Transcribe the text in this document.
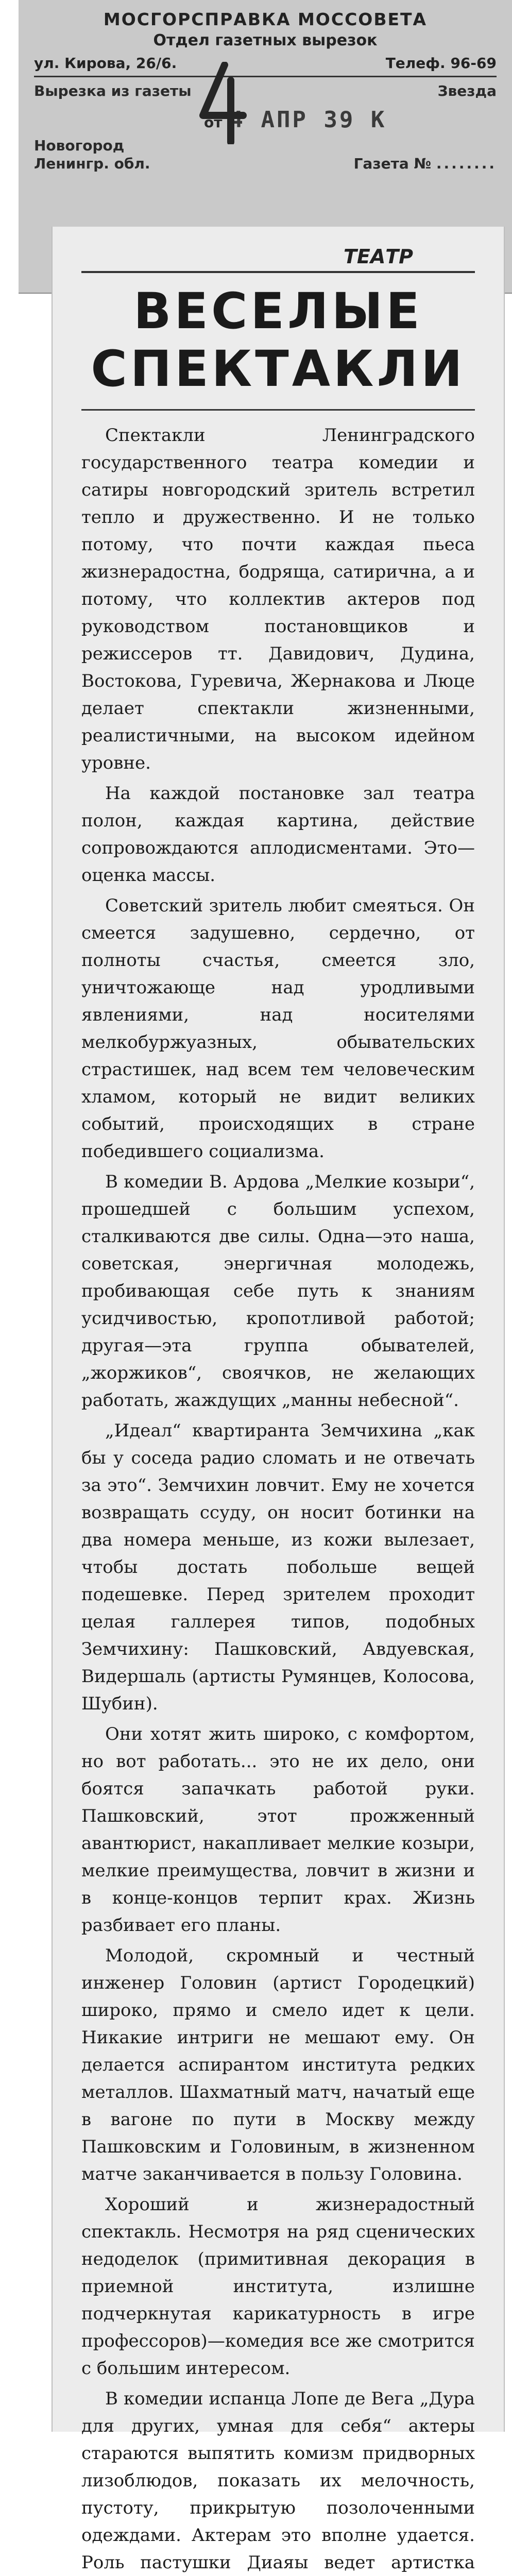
МОСГОРСПРАВКА МОССОВЕТА
Отдел газетных вырезок
ул. Кирова, 26/6.	Телеф. 96-69
Вырезка из газеты	Звезда
от 4 АПР 39 К
Новогород
Ленингр. обл.	Газета № ........
ТЕАТР
ВЕСЕЛЫЕ
СПЕКТАКЛИ

Спектакли Ленинградского государственного театра комедии и сатиры новгородский зритель встретил тепло и дружественно. И не только потому, что почти каждая пьеса жизнерадостна, бодряща, сатирична, а и потому, что коллектив актеров под руководством постановщиков и режиссеров тт. Давидович, Дудина, Востокова, Гуревича, Жернакова и Люце делает спектакли жизненными, реалистичными, на высоком идейном уровне.

На каждой постановке зал театра полон, каждая картина, действие сопровождаются аплодисментами. Это—оценка массы.

Советский зритель любит смеяться. Он смеется задушевно, сердечно, от полноты счастья, смеется зло, уничтожающе над уродливыми явлениями, над носителями мелкобуржуазных, обывательских страстишек, над всем тем человеческим хламом, который не видит великих событий, происходящих в стране победившего социализма.

В комедии В. Ардова „Мелкие козыри“, прошедшей с большим успехом, сталкиваются две силы. Одна—это наша, советская, энергичная молодежь, пробивающая себе путь к знаниям усидчивостью, кропотливой работой; другая—эта группа обывателей, „жоржиков“, своячков, не желающих работать, жаждущих „манны небесной“.

„Идеал“ квартиранта Земчихина „как бы у соседа радио сломать и не отвечать за это“. Земчихин ловчит. Ему не хочется возвращать ссуду, он носит ботинки на два номера меньше, из кожи вылезает, чтобы достать побольше вещей подешевке. Перед зрителем проходит целая галлерея типов, подобных Земчихину: Пашковский, Авдуевская, Видершаль (артисты Румянцев, Колосова, Шубин).

Они хотят жить широко, с комфортом, но вот работать... это не их дело, они боятся запачкать работой руки. Пашковский, этот прожженный авантюрист, накапливает мелкие козыри, мелкие преимущества, ловчит в жизни и в конце-концов терпит крах. Жизнь разбивает его планы.

Молодой, скромный и честный инженер Головин (артист Городецкий) широко, прямо и смело идет к цели. Никакие интриги не мешают ему. Он делается аспирантом института редких металлов. Шахматный матч, начатый еще в вагоне по пути в Москву между Пашковским и Головиным, в жизненном матче заканчивается в пользу Головина.

Хороший и жизнерадостный спектакль. Несмотря на ряд сценических недоделок (примитивная декорация в приемной института, излишне подчеркнутая карикатурность в игре профессоров)—комедия все же смотрится с большим интересом.

В комедии испанца Лопе де Вега „Дура для других, умная для себя“ актеры стараются выпятить комизм придворных лизоблюдов, показать их мелочность, пустоту, прикрытую позолоченными одеждами. Актерам это вполне удается. Роль пастушки Диаяы ведет артистка
